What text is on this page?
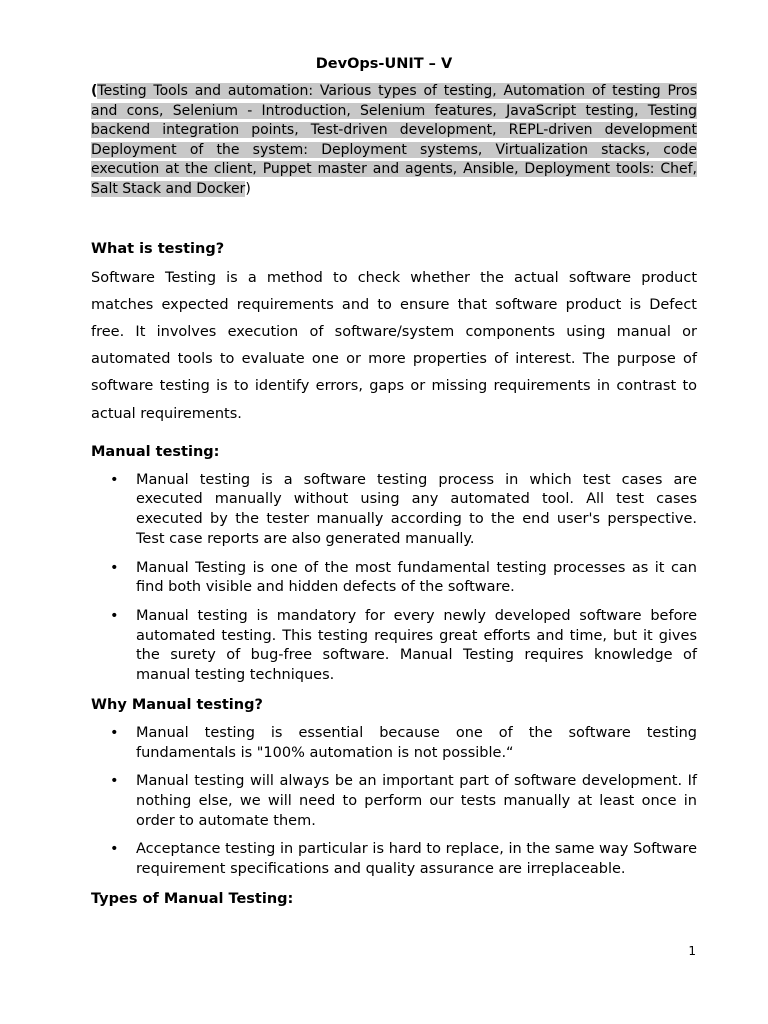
DevOps-UNIT – V

(Testing Tools and automation: Various types of testing, Automation of testing Pros and cons, Selenium - Introduction, Selenium features, JavaScript testing, Testing backend integration points, Test-driven development, REPL-driven development Deployment of the system: Deployment systems, Virtualization stacks, code execution at the client, Puppet master and agents, Ansible, Deployment tools: Chef, Salt Stack and Docker)

What is testing?

Software Testing is a method to check whether the actual software product matches expected requirements and to ensure that software product is Defect free. It involves execution of software/system components using manual or automated tools to evaluate one or more properties of interest. The purpose of software testing is to identify errors, gaps or missing requirements in contrast to actual requirements.

Manual testing:
• Manual testing is a software testing process in which test cases are executed manually without using any automated tool. All test cases executed by the tester manually according to the end user's perspective. Test case reports are also generated manually.
• Manual Testing is one of the most fundamental testing processes as it can find both visible and hidden defects of the software.
• Manual testing is mandatory for every newly developed software before automated testing. This testing requires great efforts and time, but it gives the surety of bug-free software. Manual Testing requires knowledge of manual testing techniques.
Why Manual testing?
• Manual testing is essential because one of the software testing fundamentals is "100% automation is not possible.“
• Manual testing will always be an important part of software development. If nothing else, we will need to perform our tests manually at least once in order to automate them.
• Acceptance testing in particular is hard to replace, in the same way Software requirement specifications and quality assurance are irreplaceable.
Types of Manual Testing:
1
